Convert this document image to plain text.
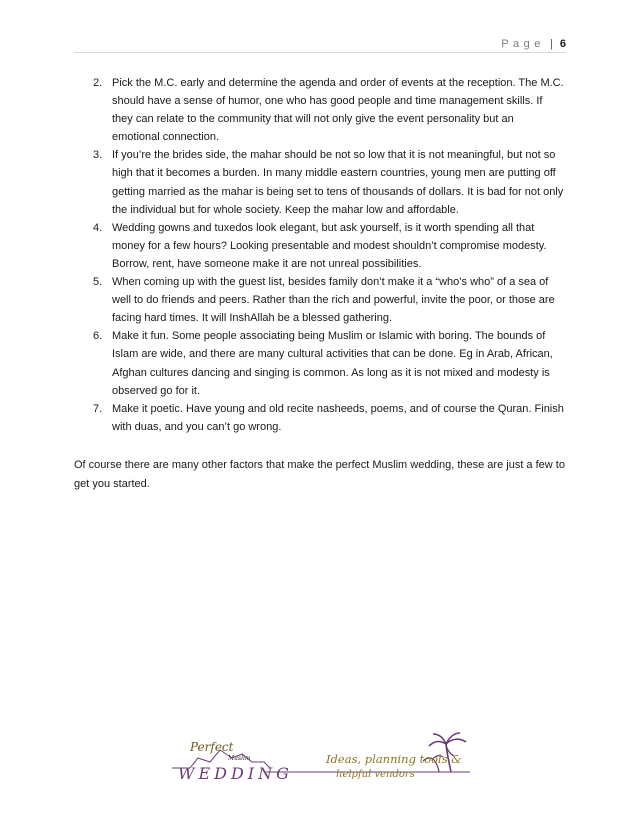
Page | 6
2. Pick the M.C. early and determine the agenda and order of events at the reception. The M.C. should have a sense of humor, one who has good people and time management skills. If they can relate to the community that will not only give the event personality but an emotional connection.
3. If you’re the brides side, the mahar should be not so low that it is not meaningful, but not so high that it becomes a burden. In many middle eastern countries, young men are putting off getting married as the mahar is being set to tens of thousands of dollars. It is bad for not only the individual but for whole society. Keep the mahar low and affordable.
4. Wedding gowns and tuxedos look elegant, but ask yourself, is it worth spending all that money for a few hours? Looking presentable and modest shouldn’t compromise modesty. Borrow, rent, have someone make it are not unreal possibilities.
5. When coming up with the guest list, besides family don’t make it a “who’s who” of a sea of well to do friends and peers. Rather than the rich and powerful, invite the poor, or those are facing hard times. It will InshAllah be a blessed gathering.
6. Make it fun. Some people associating being Muslim or Islamic with boring. The bounds of Islam are wide, and there are many cultural activities that can be done. Eg in Arab, African, Afghan cultures dancing and singing is common. As long as it is not mixed and modesty is observed go for it.
7. Make it poetic. Have young and old recite nasheeds, poems, and of course the Quran. Finish with duas, and you can’t go wrong.

Of course there are many other factors that make the perfect Muslim wedding, these are just a few to get you started.

Perfect
Muslim
WEDDING
Ideas, planning tools &
helpful vendors
